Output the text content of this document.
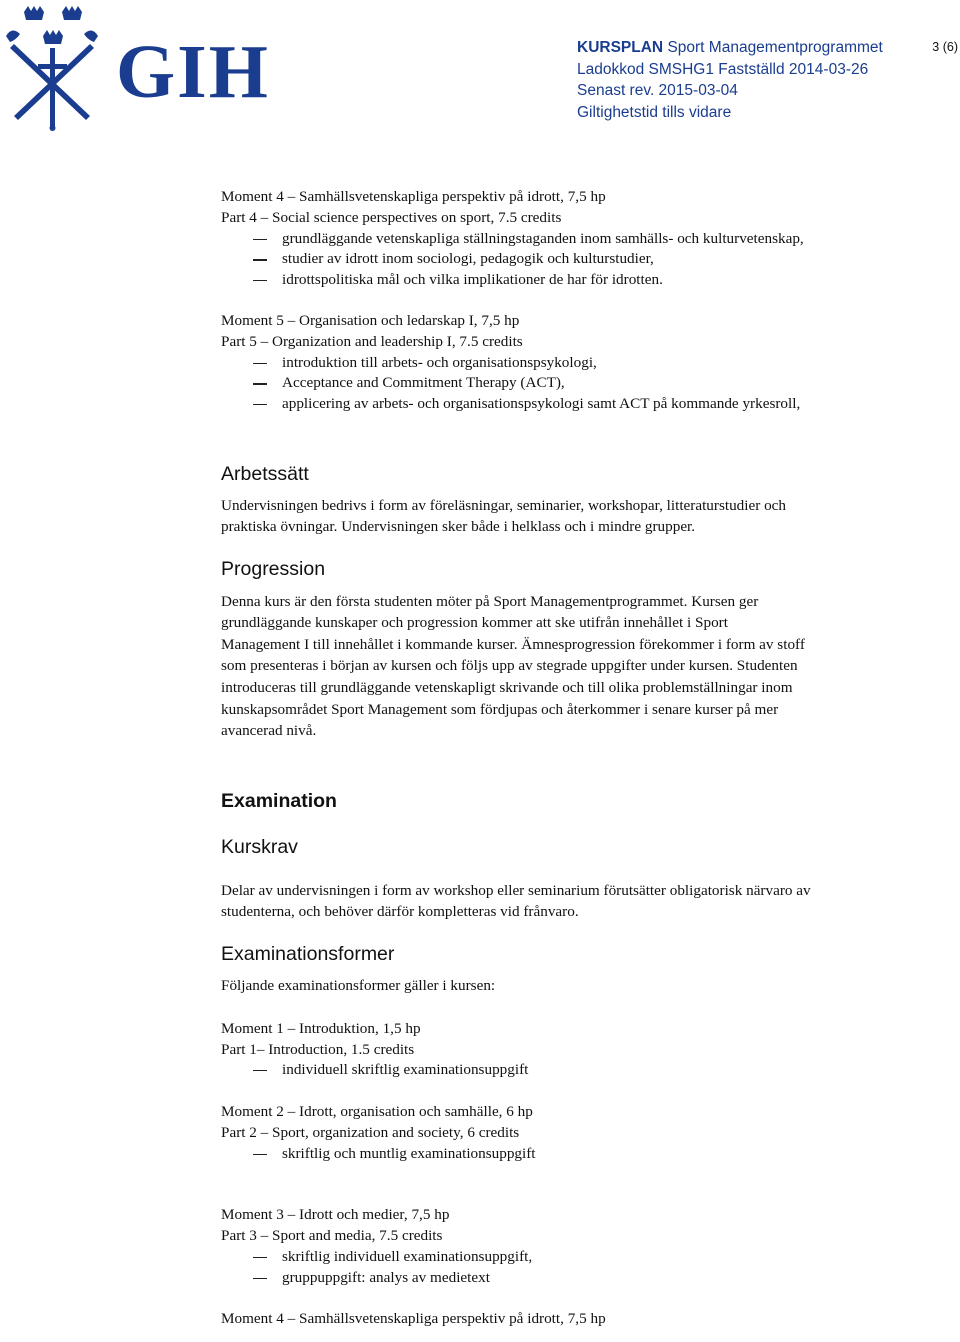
GIH	KURSPLAN Sport Managementprogrammet
Ladokkod SMSHG1 Fastställd 2014-03-26
Senast rev. 2015-03-04
Giltighetstid tills vidare
3 (6)
Moment 4 – Samhällsvetenskapliga perspektiv på idrott, 7,5 hp
Part 4 – Social science perspectives on sport, 7.5 credits
grundläggande vetenskapliga ställningstaganden inom samhälls- och kulturvetenskap,
studier av idrott inom sociologi, pedagogik och kulturstudier,
idrottspolitiska mål och vilka implikationer de har för idrotten.
Moment 5 – Organisation och ledarskap I, 7,5 hp
Part 5 – Organization and leadership I, 7.5 credits
introduktion till arbets- och organisationspsykologi,
Acceptance and Commitment Therapy (ACT),
applicering av arbets- och organisationspsykologi samt ACT på kommande yrkesroll,
Arbetssätt

Undervisningen bedrivs i form av föreläsningar, seminarier, workshopar, litteraturstudier och
praktiska övningar. Undervisningen sker både i helklass och i mindre grupper.

Progression

Denna kurs är den första studenten möter på Sport Managementprogrammet. Kursen ger
grundläggande kunskaper och progression kommer att ske utifrån innehållet i Sport
Management I till innehållet i kommande kurser. Ämnesprogression förekommer i form av stoff
som presenteras i början av kursen och följs upp av stegrade uppgifter under kursen. Studenten
introduceras till grundläggande vetenskapligt skrivande och till olika problemställningar inom
kunskapsområdet Sport Management som fördjupas och återkommer i senare kurser på mer
avancerad nivå.

Examination
Kurskrav

Delar av undervisningen i form av workshop eller seminarium förutsätter obligatorisk närvaro av
studenterna, och behöver därför kompletteras vid frånvaro.

Examinationsformer
Följande examinationsformer gäller i kursen:
Moment 1 – Introduktion, 1,5 hp
Part 1– Introduction, 1.5 credits
individuell skriftlig examinationsuppgift
Moment 2 – Idrott, organisation och samhälle, 6 hp
Part 2 – Sport, organization and society, 6 credits
skriftlig och muntlig examinationsuppgift
Moment 3 – Idrott och medier, 7,5 hp
Part 3 – Sport and media, 7.5 credits
skriftlig individuell examinationsuppgift,
gruppuppgift: analys av medietext
Moment 4 – Samhällsvetenskapliga perspektiv på idrott, 7,5 hp
